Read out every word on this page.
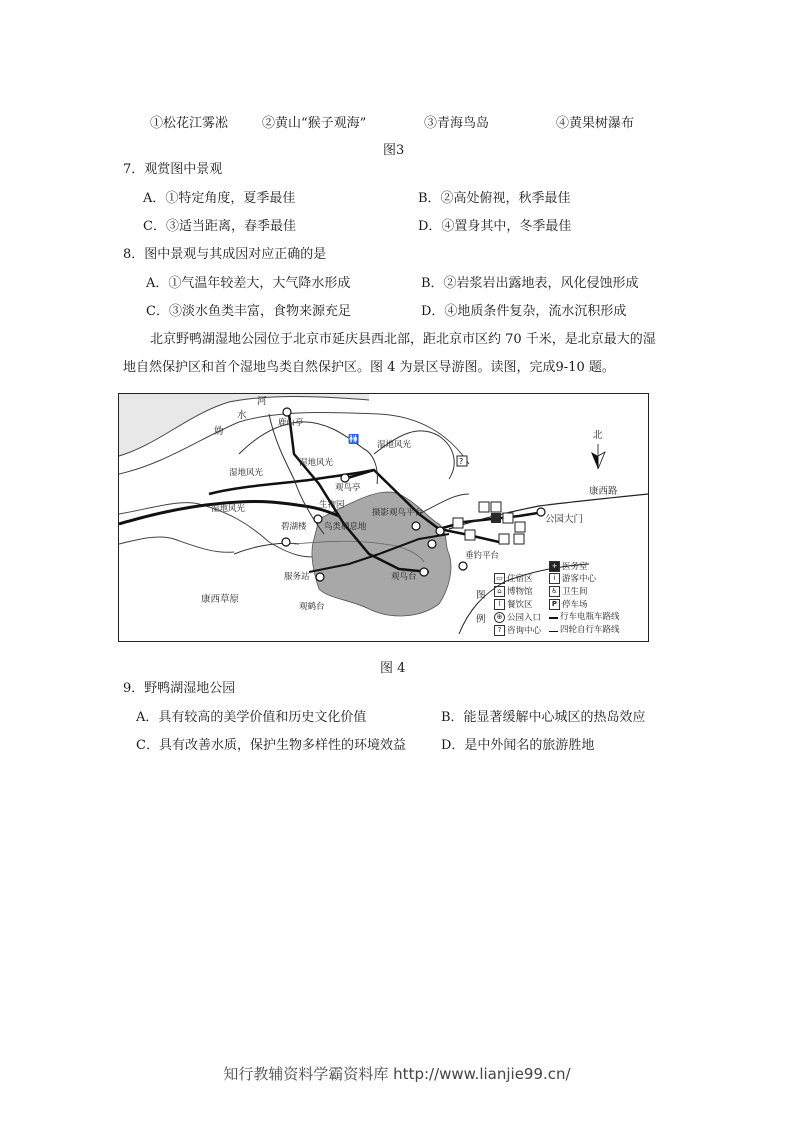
①松花江雾凇	②黄山“猴子观海”	③青海鸟岛	④黄果树瀑布
图3
7．观赏图中景观
A．①特定角度，夏季最佳	B．②高处俯视，秋季最佳
C．③适当距离，春季最佳	D．④置身其中，冬季最佳
8．图中景观与其成因对应正确的是
A．①气温年较差大，大气降水形成	B．②岩浆岩出露地表，风化侵蚀形成
C．③淡水鱼类丰富，食物来源充足	D．④地质条件复杂，流水沉积形成
北京野鸭湖湿地公园位于北京市延庆县西北部，距北京市区约 70 千米，是北京最大的湿
地自然保护区和首个湿地鸟类自然保护区。图 4 为景区导游图。读图，完成9-10 题。
?
🚻
妫
水
河
鹿山亭
湿地风光
湿地风光
湿地风光
湿地风光
观鸟亭
生物园
碧湖楼 鸟类栖息地
摄影观鸟平台
垂钓平台
服务站
观鹤台
观鸟台
康西路
公园大门
康西草原
北
图
例
▭ 住宿区
+ 医务室
i 游客中心
⌂ 博物馆	♿ 卫生间
⌇ 餐饮区	P 停车场
⊕ 公园入口	行车电瓶车路线
? 咨询中心	四轮自行车路线
图 4
9．野鸭湖湿地公园
A．具有较高的美学价值和历史文化价值	B．能显著缓解中心城区的热岛效应
C．具有改善水质，保护生物多样性的环境效益	D．是中外闻名的旅游胜地
知行教辅资料学霸资料库 http://www.lianjie99.cn/
